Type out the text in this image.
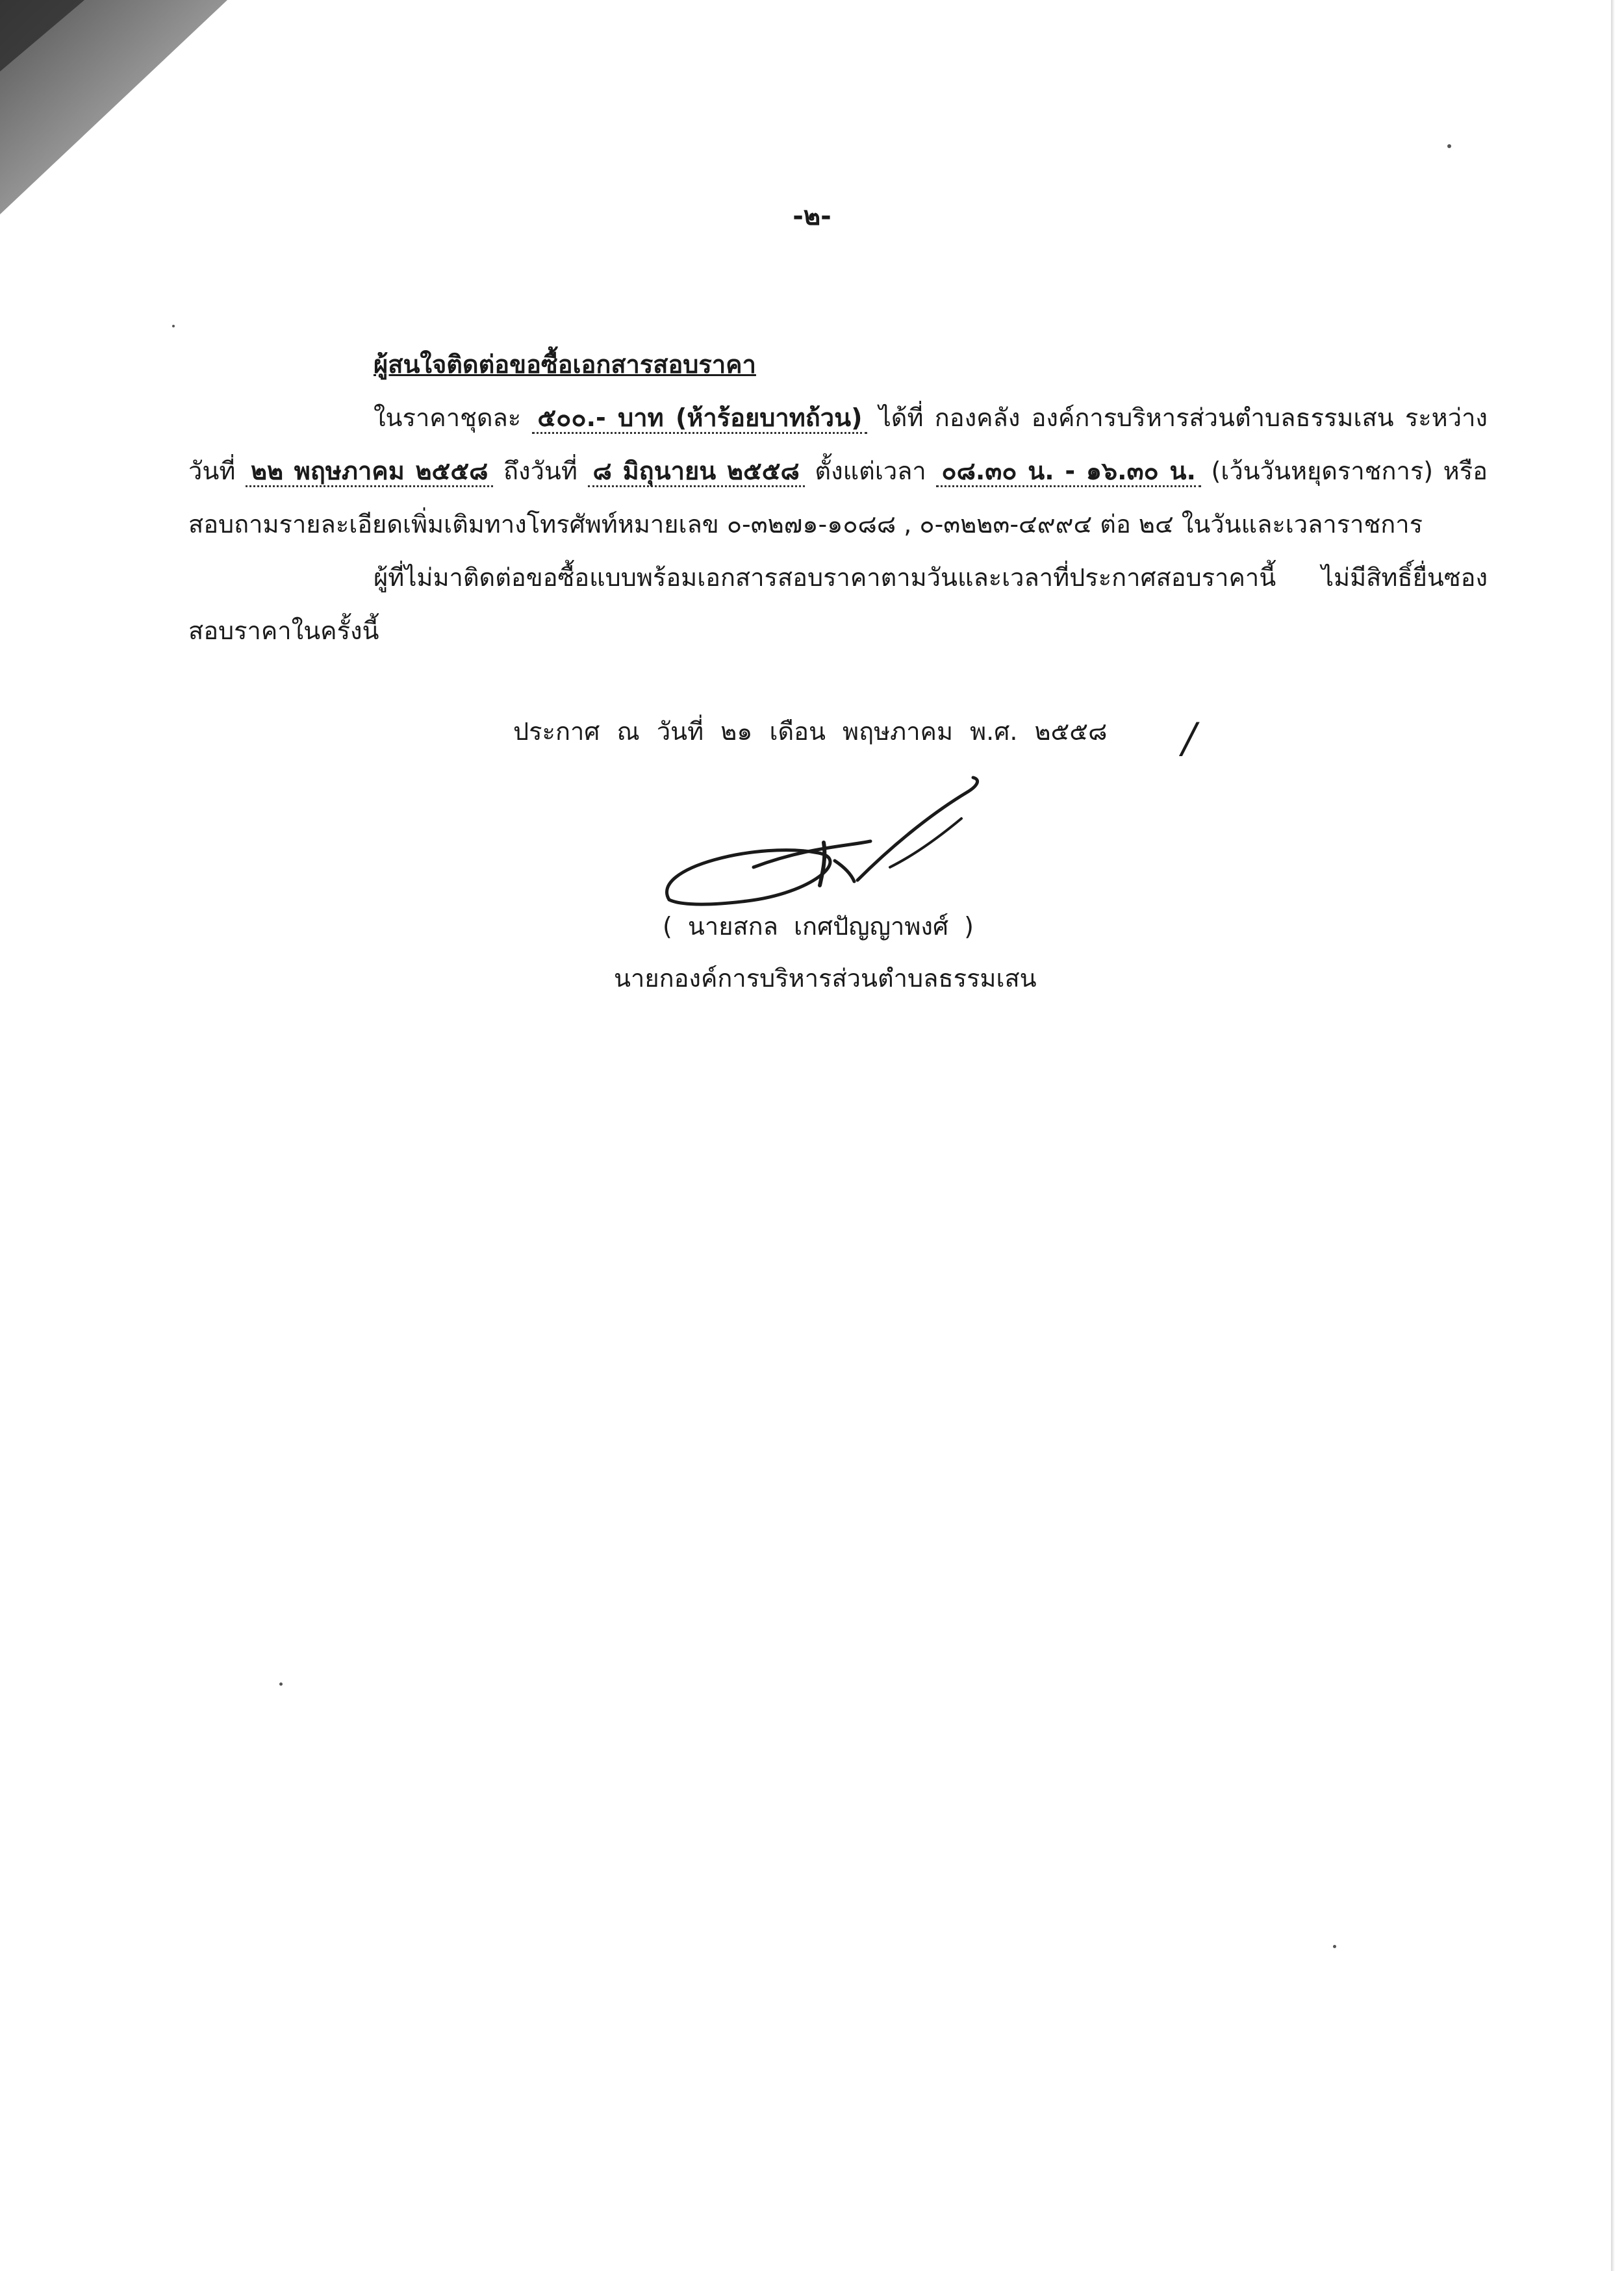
-๒-
ผู้สนใจติดต่อขอซื้อเอกสารสอบราคา

ในราคาชุดละ ๕๐๐.- บาท (ห้าร้อยบาทถ้วน) ได้ที่ กองคลัง องค์การบริหารส่วนตำบลธรรมเสน ระหว่างวันที่ ๒๒ พฤษภาคม ๒๕๕๘ ถึงวันที่ ๘ มิถุนายน ๒๕๕๘ ตั้งแต่เวลา ๐๘.๓๐ น. - ๑๖.๓๐ น. (เว้นวันหยุดราชการ) หรือสอบถามรายละเอียดเพิ่มเติมทางโทรศัพท์หมายเลข ๐-๓๒๗๑-๑๐๘๘ , ๐-๓๒๒๓-๔๙๙๔ ต่อ ๒๔ ในวันและเวลาราชการ

ผู้ที่ไม่มาติดต่อขอซื้อแบบพร้อมเอกสารสอบราคาตามวันและเวลาที่ประกาศสอบราคานี้ ไม่มีสิทธิ์ยื่นซองสอบราคาในครั้งนี้

ประกาศ ณ วันที่ ๒๑ เดือน พฤษภาคม พ.ศ. ๒๕๕๘ /
( นายสกล เกศปัญญาพงศ์ )
นายกองค์การบริหารส่วนตำบลธรรมเสน
